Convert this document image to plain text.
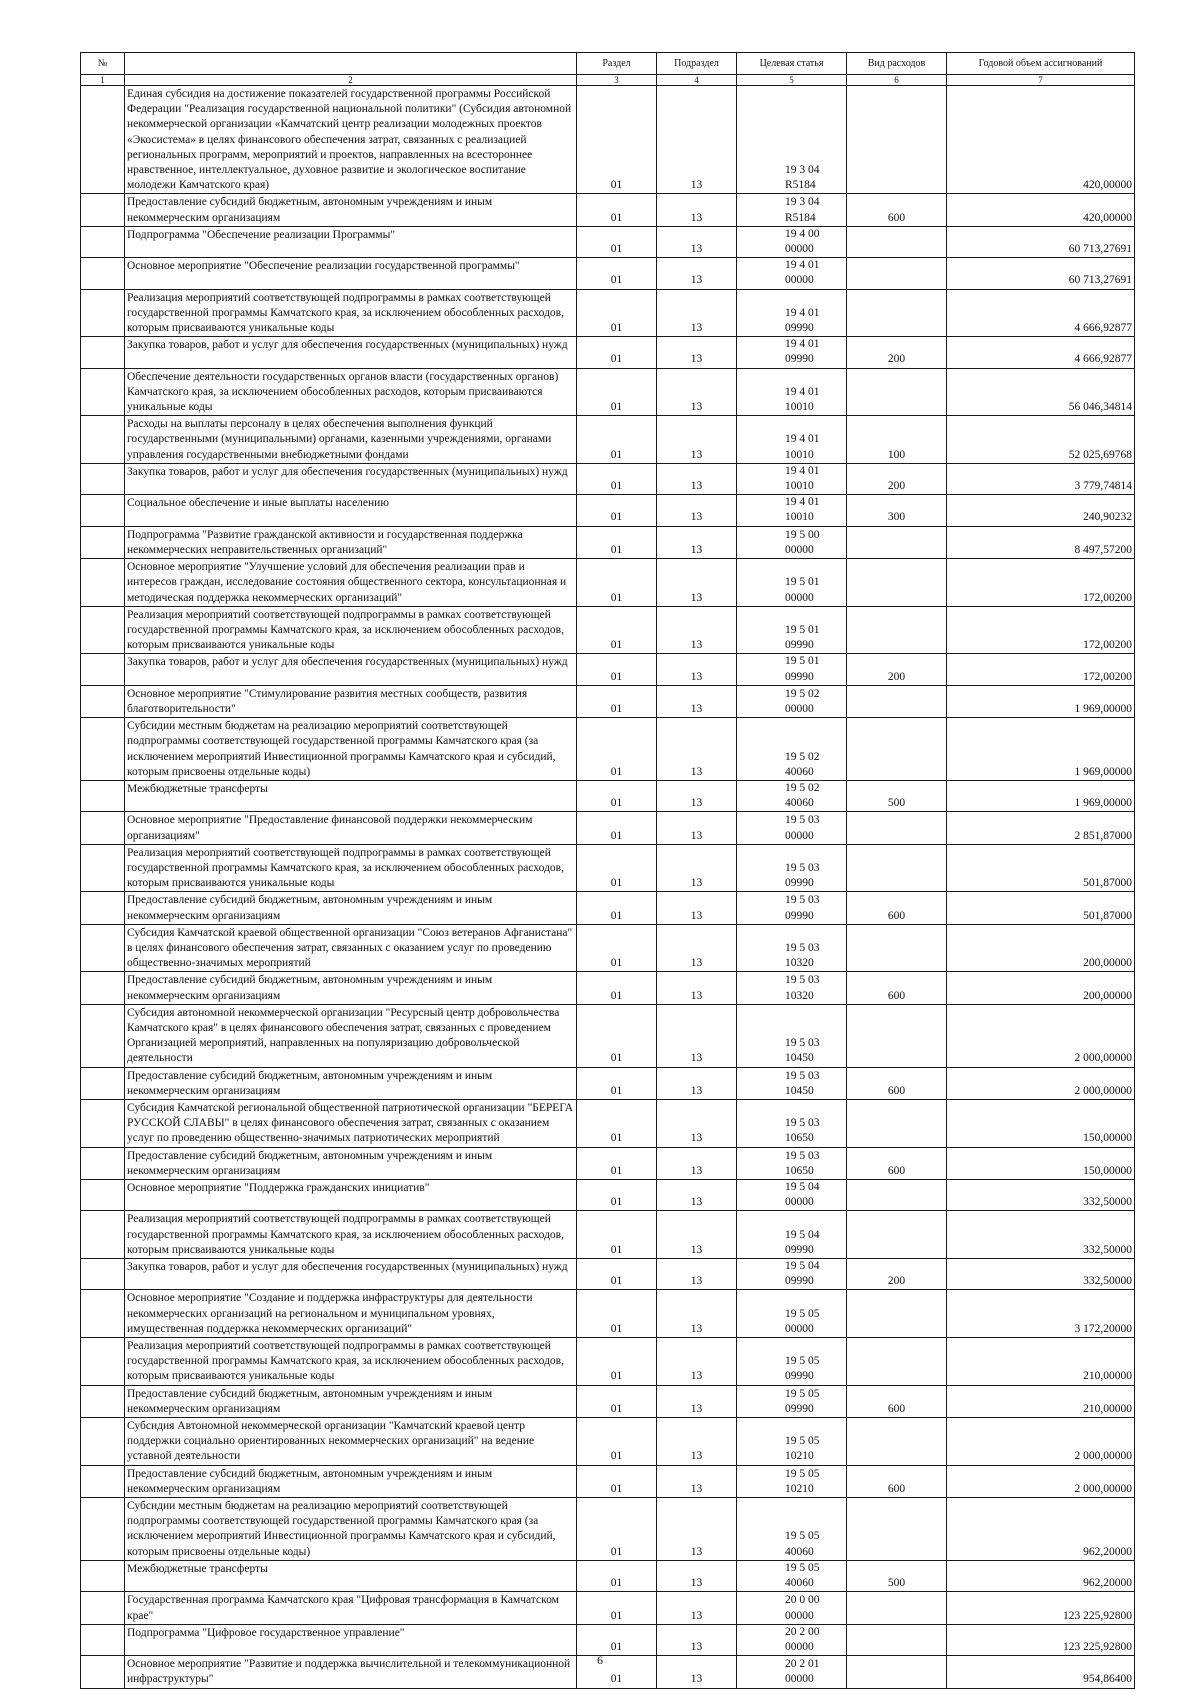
№		Раздел	Подраздел	Целевая статья	Вид расходов	Годовой объем ассигнований
1	2	3	4	5	6	7
	Единая субсидия на достижение показателей государственной программы Российской Федерации "Реализация государственной национальной политики" (Субсидия автономной некоммерческой организации «Камчатский центр реализации молодежных проектов «Экосистема» в целях финансового обеспечения затрат, связанных с реализацией региональных программ, мероприятий и проектов, направленных на всестороннее нравственное, интеллектуальное, духовное развитие и экологическое воспитание молодежи Камчатского края)	01	13	19 3 04 R5184		420,00000
	Предоставление субсидий бюджетным, автономным учреждениям и иным некоммерческим организациям	01	13	19 3 04 R5184	600	420,00000
	Подпрограмма "Обеспечение реализации Программы"	01	13	19 4 00 00000		60 713,27691
	Основное мероприятие "Обеспечение реализации государственной программы"	01	13	19 4 01 00000		60 713,27691
	Реализация мероприятий соответствующей подпрограммы в рамках соответствующей государственной программы Камчатского края, за исключением обособленных расходов, которым присваиваются уникальные коды	01	13	19 4 01 09990		4 666,92877
	Закупка товаров, работ и услуг для обеспечения государственных (муниципальных) нужд	01	13	19 4 01 09990	200	4 666,92877
	Обеспечение деятельности государственных органов власти (государственных органов) Камчатского края, за исключением обособленных расходов, которым присваиваются уникальные коды	01	13	19 4 01 10010		56 046,34814
	Расходы на выплаты персоналу в целях обеспечения выполнения функций государственными (муниципальными) органами, казенными учреждениями, органами управления государственными внебюджетными фондами	01	13	19 4 01 10010	100	52 025,69768
	Закупка товаров, работ и услуг для обеспечения государственных (муниципальных) нужд	01	13	19 4 01 10010	200	3 779,74814
	Социальное обеспечение и иные выплаты населению	01	13	19 4 01 10010	300	240,90232
	Подпрограмма "Развитие гражданской активности и государственная поддержка некоммерческих неправительственных организаций"	01	13	19 5 00 00000		8 497,57200
	Основное мероприятие "Улучшение условий для обеспечения реализации прав и интересов граждан, исследование состояния общественного сектора, консультационная и методическая поддержка некоммерческих организаций"	01	13	19 5 01 00000		172,00200
	Реализация мероприятий соответствующей подпрограммы в рамках соответствующей государственной программы Камчатского края, за исключением обособленных расходов, которым присваиваются уникальные коды	01	13	19 5 01 09990		172,00200
	Закупка товаров, работ и услуг для обеспечения государственных (муниципальных) нужд	01	13	19 5 01 09990	200	172,00200
	Основное мероприятие "Стимулирование развития местных сообществ, развития благотворительности"	01	13	19 5 02 00000		1 969,00000
	Субсидии местным бюджетам на реализацию мероприятий соответствующей подпрограммы соответствующей государственной программы Камчатского края (за исключением мероприятий Инвестиционной программы Камчатского края и субсидий, которым присвоены отдельные коды)	01	13	19 5 02 40060		1 969,00000
	Межбюджетные трансферты	01	13	19 5 02 40060	500	1 969,00000
	Основное мероприятие "Предоставление финансовой поддержки некоммерческим организациям"	01	13	19 5 03 00000		2 851,87000
	Реализация мероприятий соответствующей подпрограммы в рамках соответствующей государственной программы Камчатского края, за исключением обособленных расходов, которым присваиваются уникальные коды	01	13	19 5 03 09990		501,87000
	Предоставление субсидий бюджетным, автономным учреждениям и иным некоммерческим организациям	01	13	19 5 03 09990	600	501,87000
	Субсидия Камчатской краевой общественной организации "Союз ветеранов Афганистана" в целях финансового обеспечения затрат, связанных с оказанием услуг по проведению общественно-значимых мероприятий	01	13	19 5 03 10320		200,00000
	Предоставление субсидий бюджетным, автономным учреждениям и иным некоммерческим организациям	01	13	19 5 03 10320	600	200,00000
	Субсидия автономной некоммерческой организации "Ресурсный центр добровольчества Камчатского края" в целях финансового обеспечения затрат, связанных с проведением Организацией мероприятий, направленных на популяризацию добровольческой деятельности	01	13	19 5 03 10450		2 000,00000
	Предоставление субсидий бюджетным, автономным учреждениям и иным некоммерческим организациям	01	13	19 5 03 10450	600	2 000,00000
	Субсидия Камчатской региональной общественной патриотической организации "БЕРЕГА РУССКОЙ СЛАВЫ" в целях финансового обеспечения затрат, связанных с оказанием услуг по проведению общественно-значимых патриотических мероприятий	01	13	19 5 03 10650		150,00000
	Предоставление субсидий бюджетным, автономным учреждениям и иным некоммерческим организациям	01	13	19 5 03 10650	600	150,00000
	Основное мероприятие "Поддержка гражданских инициатив"	01	13	19 5 04 00000		332,50000
	Реализация мероприятий соответствующей подпрограммы в рамках соответствующей государственной программы Камчатского края, за исключением обособленных расходов, которым присваиваются уникальные коды	01	13	19 5 04 09990		332,50000
	Закупка товаров, работ и услуг для обеспечения государственных (муниципальных) нужд	01	13	19 5 04 09990	200	332,50000
	Основное мероприятие "Создание и поддержка инфраструктуры для деятельности некоммерческих организаций на региональном и муниципальном уровнях, имущественная поддержка некоммерческих организаций"	01	13	19 5 05 00000		3 172,20000
	Реализация мероприятий соответствующей подпрограммы в рамках соответствующей государственной программы Камчатского края, за исключением обособленных расходов, которым присваиваются уникальные коды	01	13	19 5 05 09990		210,00000
	Предоставление субсидий бюджетным, автономным учреждениям и иным некоммерческим организациям	01	13	19 5 05 09990	600	210,00000
	Субсидия Автономной некоммерческой организации "Камчатский краевой центр поддержки социально ориентированных некоммерческих организаций" на ведение уставной деятельности	01	13	19 5 05 10210		2 000,00000
	Предоставление субсидий бюджетным, автономным учреждениям и иным некоммерческим организациям	01	13	19 5 05 10210	600	2 000,00000
	Субсидии местным бюджетам на реализацию мероприятий соответствующей подпрограммы соответствующей государственной программы Камчатского края (за исключением мероприятий Инвестиционной программы Камчатского края и субсидий, которым присвоены отдельные коды)	01	13	19 5 05 40060		962,20000
	Межбюджетные трансферты	01	13	19 5 05 40060	500	962,20000
	Государственная программа Камчатского края "Цифровая трансформация в Камчатском крае"	01	13	20 0 00 00000		123 225,92800
	Подпрограмма "Цифровое государственное управление"	01	13	20 2 00 00000		123 225,92800
	Основное мероприятие "Развитие и поддержка вычислительной и телекоммуникационной инфраструктуры"	01	13	20 2 01 00000		954,86400
6
